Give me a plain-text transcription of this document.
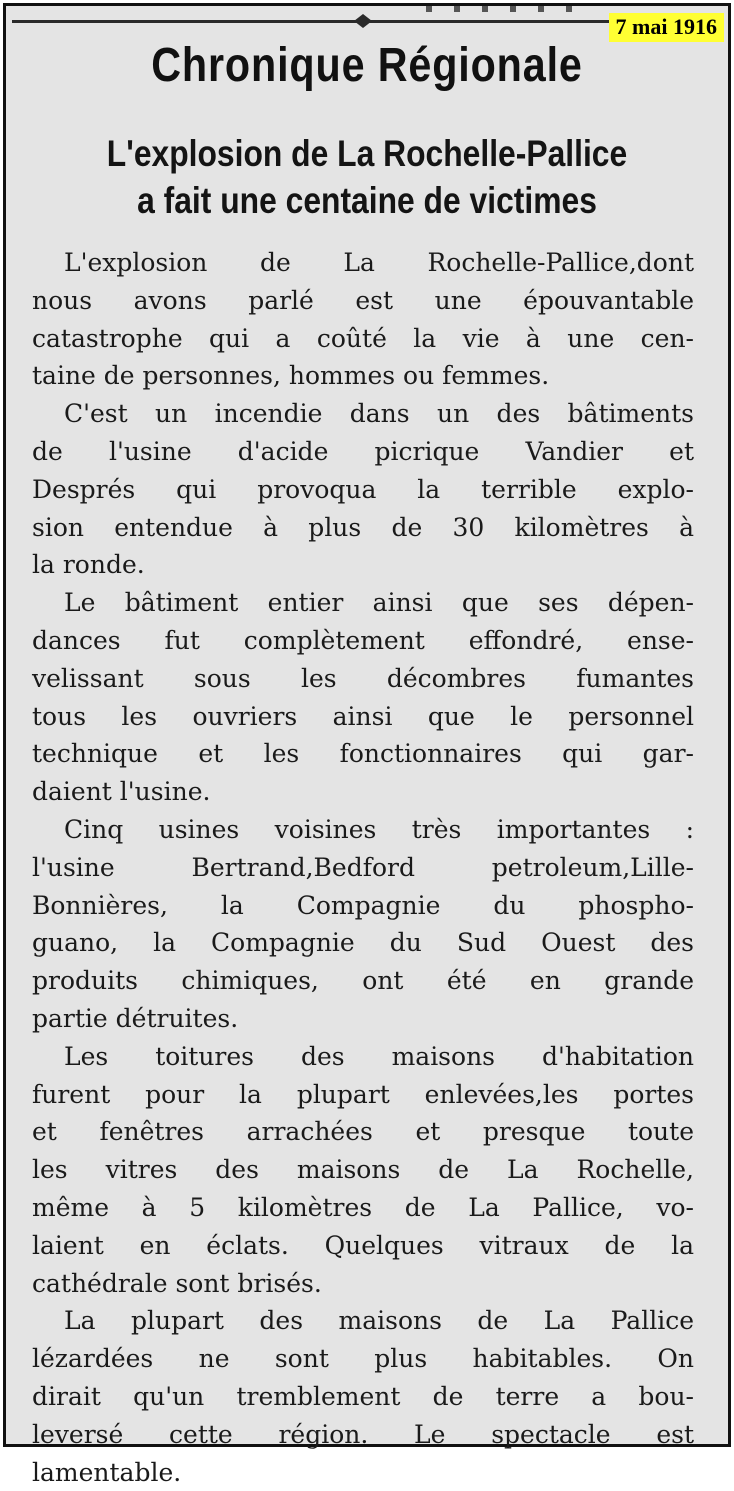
7 mai 1916
Chronique Régionale
L'explosion de La Rochelle-Pallice
a fait une centaine de victimes
L'explosion de La Rochelle-Pallice,dont
nous avons parlé est une épouvantable
catastrophe qui a coûté la vie à une cen-
taine de personnes, hommes ou femmes.
C'est un incendie dans un des bâtiments
de l'usine d'acide picrique Vandier et
Després qui provoqua la terrible explo-
sion entendue à plus de 30 kilomètres à
la ronde.
Le bâtiment entier ainsi que ses dépen-
dances fut complètement effondré, ense-
velissant sous les décombres fumantes
tous les ouvriers ainsi que le personnel
technique et les fonctionnaires qui gar-
daient l'usine.
Cinq usines voisines très importantes :
l'usine Bertrand,Bedford petroleum,Lille-
Bonnières, la Compagnie du phospho-
guano, la Compagnie du Sud Ouest des
produits chimiques, ont été en grande
partie détruites.
Les toitures des maisons d'habitation
furent pour la plupart enlevées,les portes
et fenêtres arrachées et presque toute
les vitres des maisons de La Rochelle,
même à 5 kilomètres de La Pallice, vo-
laient en éclats. Quelques vitraux de la
cathédrale sont brisés.
La plupart des maisons de La Pallice
lézardées ne sont plus habitables. On
dirait qu'un tremblement de terre a bou-
leversé cette région. Le spectacle est
lamentable.
